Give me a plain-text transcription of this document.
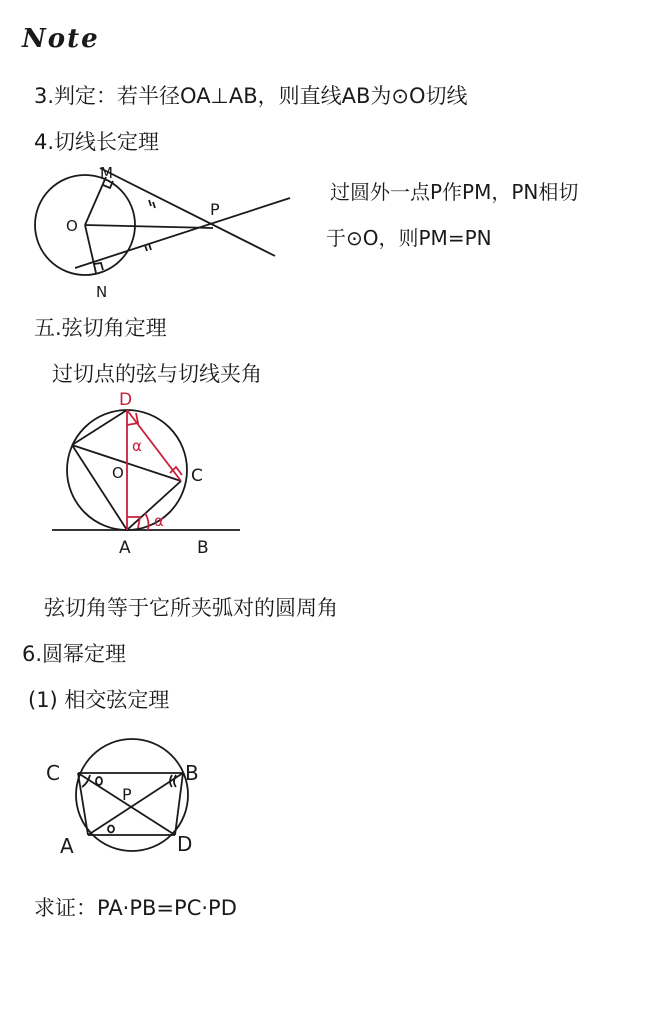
Note
3.判定：若半径OA⊥AB，则直线AB为⊙O切线
4.切线长定理
M
O
P
N
过圆外一点P作PM，PN相切
于⊙O，则PM=PN
五.弦切角定理
过切点的弦与切线夹角
D
α
O	C
α
A	B
弦切角等于它所夹弧对的圆周角
6.圆幂定理
(1) 相交弦定理
C	B
P
A	D
求证：PA·PB=PC·PD
